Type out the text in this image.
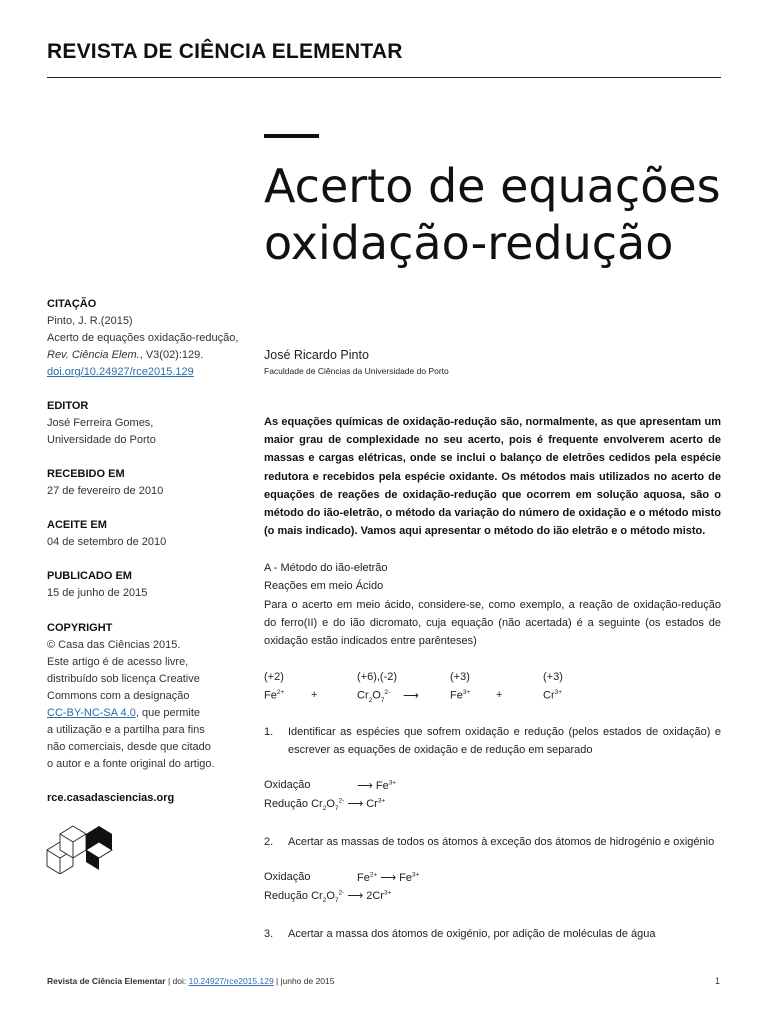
REVISTA DE CIÊNCIA ELEMENTAR
Acerto de equações oxidação-redução
José Ricardo Pinto
Faculdade de Ciências da Universidade do Porto
CITAÇÃO
Pinto, J. R.(2015)
Acerto de equações oxidação-redução,
Rev. Ciência Elem., V3(02):129.
doi.org/10.24927/rce2015.129
EDITOR
José Ferreira Gomes,
Universidade do Porto
RECEBIDO EM
27 de fevereiro de 2010
ACEITE EM
04 de setembro de 2010
PUBLICADO EM
15 de junho de 2015
COPYRIGHT
© Casa das Ciências 2015.
Este artigo é de acesso livre,
distribuído sob licença Creative
Commons com a designação
CC-BY-NC-SA 4.0, que permite
a utilização e a partilha para fins
não comerciais, desde que citado
o autor e a fonte original do artigo.
rce.casadasciencias.org
As equações químicas de oxidação-redução são, normalmente, as que apresentam um maior grau de complexidade no seu acerto, pois é frequente envolverem acerto de massas e cargas elétricas, onde se inclui o balanço de eletrões cedidos pela espécie redutora e recebidos pela espécie oxidante. Os métodos mais utilizados no acerto de equações de reações de oxidação-redução que ocorrem em solução aquosa, são o método do ião-eletrão, o método da variação do número de oxidação e o método misto (o mais indicado). Vamos aqui apresentar o método do ião eletrão e o método misto.
A - Método do ião-eletrão
Reações em meio Ácido
Para o acerto em meio ácido, considere-se, como exemplo, a reação de oxidação-redução do ferro(II) e do ião dicromato, cuja equação (não acertada) é a seguinte (os estados de oxidação estão indicados entre parênteses)
(+2)	(+6),(-2)	(+3)	(+3)
$Fe^{2+}$ +	$Cr_2O_7^{2-}$ ⟶	$Fe^{3+}$ +	$Cr^{3+}$
1.	Identificar as espécies que sofrem oxidação e redução (pelos estados de oxidação) e escrever as equações de oxidação e de redução em separado
Oxidação	⟶ $Fe^{3+}$
Redução $Cr_2O_7^{2-}$ ⟶ $Cr^{3+}$
2.	Acertar as massas de todos os átomos à exceção dos átomos de hidrogénio e oxigénio
Oxidação	$Fe^{2+}$ ⟶ $Fe^{3+}$
Redução $Cr_2O_7^{2-}$ ⟶ $2Cr^{3+}$
3.	Acertar a massa dos átomos de oxigénio, por adição de moléculas de água
Revista de Ciência Elementar | doi: 10.24927/rce2015.129 | junho de 2015	1
